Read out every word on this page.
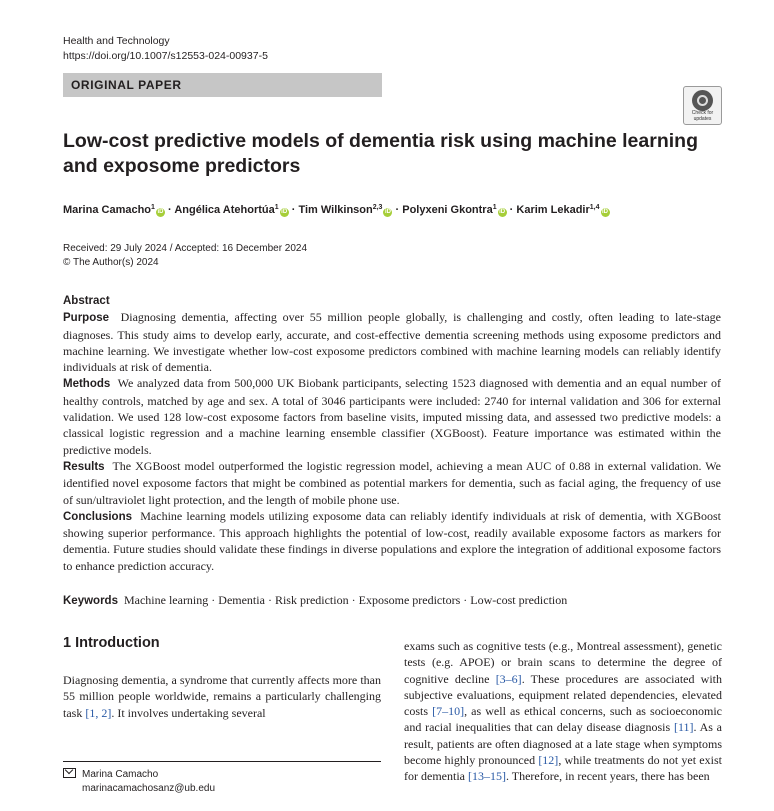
Health and Technology
https://doi.org/10.1007/s12553-024-00937-5
ORIGINAL PAPER
Check for
updates
Low-cost predictive models of dementia risk using machine learning and exposome predictors
Marina Camacho$^1$iD · Angélica Atehortúa$^1$iD · Tim Wilkinson$^{2,3}$iD · Polyxeni Gkontra$^1$iD · Karim Lekadir$^{1,4}$iD
Received: 29 July 2024 / Accepted: 16 December 2024
© The Author(s) 2024

Abstract

Purpose Diagnosing dementia, affecting over 55 million people globally, is challenging and costly, often leading to late-stage diagnoses. This study aims to develop early, accurate, and cost-effective dementia screening methods using exposome predictors and machine learning. We investigate whether low-cost exposome predictors combined with machine learning models can reliably identify individuals at risk of dementia.

Methods We analyzed data from 500,000 UK Biobank participants, selecting 1523 diagnosed with dementia and an equal number of healthy controls, matched by age and sex. A total of 3046 participants were included: 2740 for internal validation and 306 for external validation. We used 128 low-cost exposome factors from baseline visits, imputed missing data, and assessed two predictive models: a classical logistic regression and a machine learning ensemble classifier (XGBoost). Feature importance was estimated within the predictive models.

Results The XGBoost model outperformed the logistic regression model, achieving a mean AUC of 0.88 in external validation. We identified novel exposome factors that might be combined as potential markers for dementia, such as facial aging, the frequency of use of sun/ultraviolet light protection, and the length of mobile phone use.

Conclusions Machine learning models utilizing exposome data can reliably identify individuals at risk of dementia, with XGBoost showing superior performance. This approach highlights the potential of low-cost, readily available exposome factors as markers for dementia. Future studies should validate these findings in diverse populations and explore the integration of additional exposome factors to enhance prediction accuracy.

Keywords Machine learning · Dementia · Risk prediction · Exposome predictors · Low-cost prediction
1 Introduction

Diagnosing dementia, a syndrome that currently affects more than 55 million people worldwide, remains a particularly challenging task [1, 2]. It involves undertaking several

exams such as cognitive tests (e.g., Montreal assessment), genetic tests (e.g. APOE) or brain scans to determine the degree of cognitive decline [3–6]. These procedures are associated with subjective evaluations, equipment related dependencies, elevated costs [7–10], as well as ethical concerns, such as socioeconomic and racial inequalities that can delay disease diagnosis [11]. As a result, patients are often diagnosed at a late stage when symptoms become highly pronounced [12], while treatments do not yet exist for dementia [13–15]. Therefore, in recent years, there has been

Marina Camacho
marinacamachosanz@ub.edu
